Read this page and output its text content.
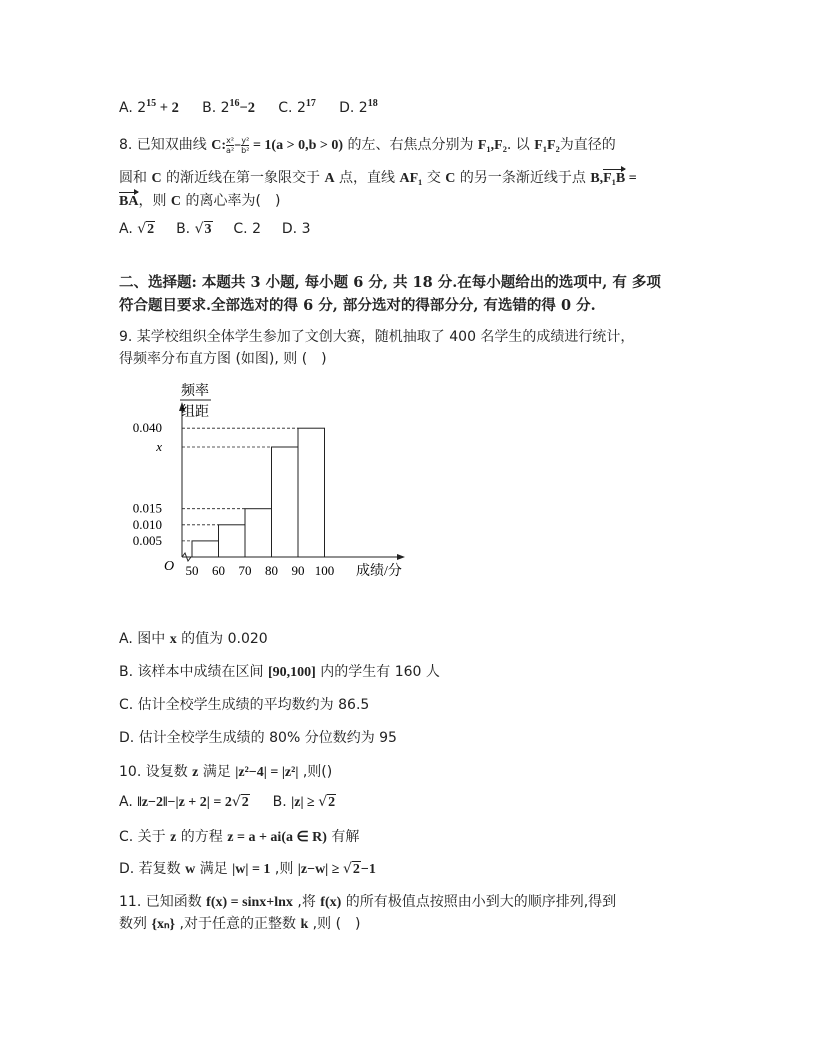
A. $2^{15} + 2$ B. $2^{16}-2$ C. $2^{17}$ D. $2^{18}$
8. 已知双曲线 C: $\frac{\text{x²}}{\text{a²}} - \frac{\text{y²}}{\text{b²}} = 1(a > 0,b > 0)$ 的左、右焦点分别为 F₁,F₂. 以 F₁F₂为直径的
圆和 C 的渐近线在第一象限交于 A 点，直线 AF₁ 交 C 的另一条渐近线于点 B,F₁B =
BA，则 C 的离心率为(　)
A. √2 B. √3 C. 2 D. 3
二、选择题: 本题共 3 小题, 每小题 6 分, 共 18 分.在每小题给出的选项中, 有 多项
符合题目要求.全部选对的得 6 分, 部分选对的得部分分, 有选错的得 0 分.
9. 某学校组织全体学生参加了文创大赛，随机抽取了 400 名学生的成绩进行统计，
得频率分布直方图 (如图), 则 (　)
频率
组距
0.005
0.010
0.015
x
0.040
50 60 70 80 90 100
O	成绩/分
A. 图中 x 的值为 0.020
B. 该样本中成绩在区间 [90,100] 内的学生有 160 人
C. 估计全校学生成绩的平均数约为 86.5
D. 估计全校学生成绩的 80% 分位数约为 95
10. 设复数 z 满足 |z²−4| = |z²| ,则()
A. ‖z−2‖−|z + 2| = 2√2 B. |z| ≥ √2
C. 关于 z 的方程 z = a + ai(a ∈ R) 有解
D. 若复数 w 满足 |w| = 1 ,则 |z−w| ≥ √2−1
11. 已知函数 f(x) = sinx+lnx ,将 f(x) 的所有极值点按照由小到大的顺序排列,得到
数列 {xₙ} ,对于任意的正整数 k ,则 (　)
